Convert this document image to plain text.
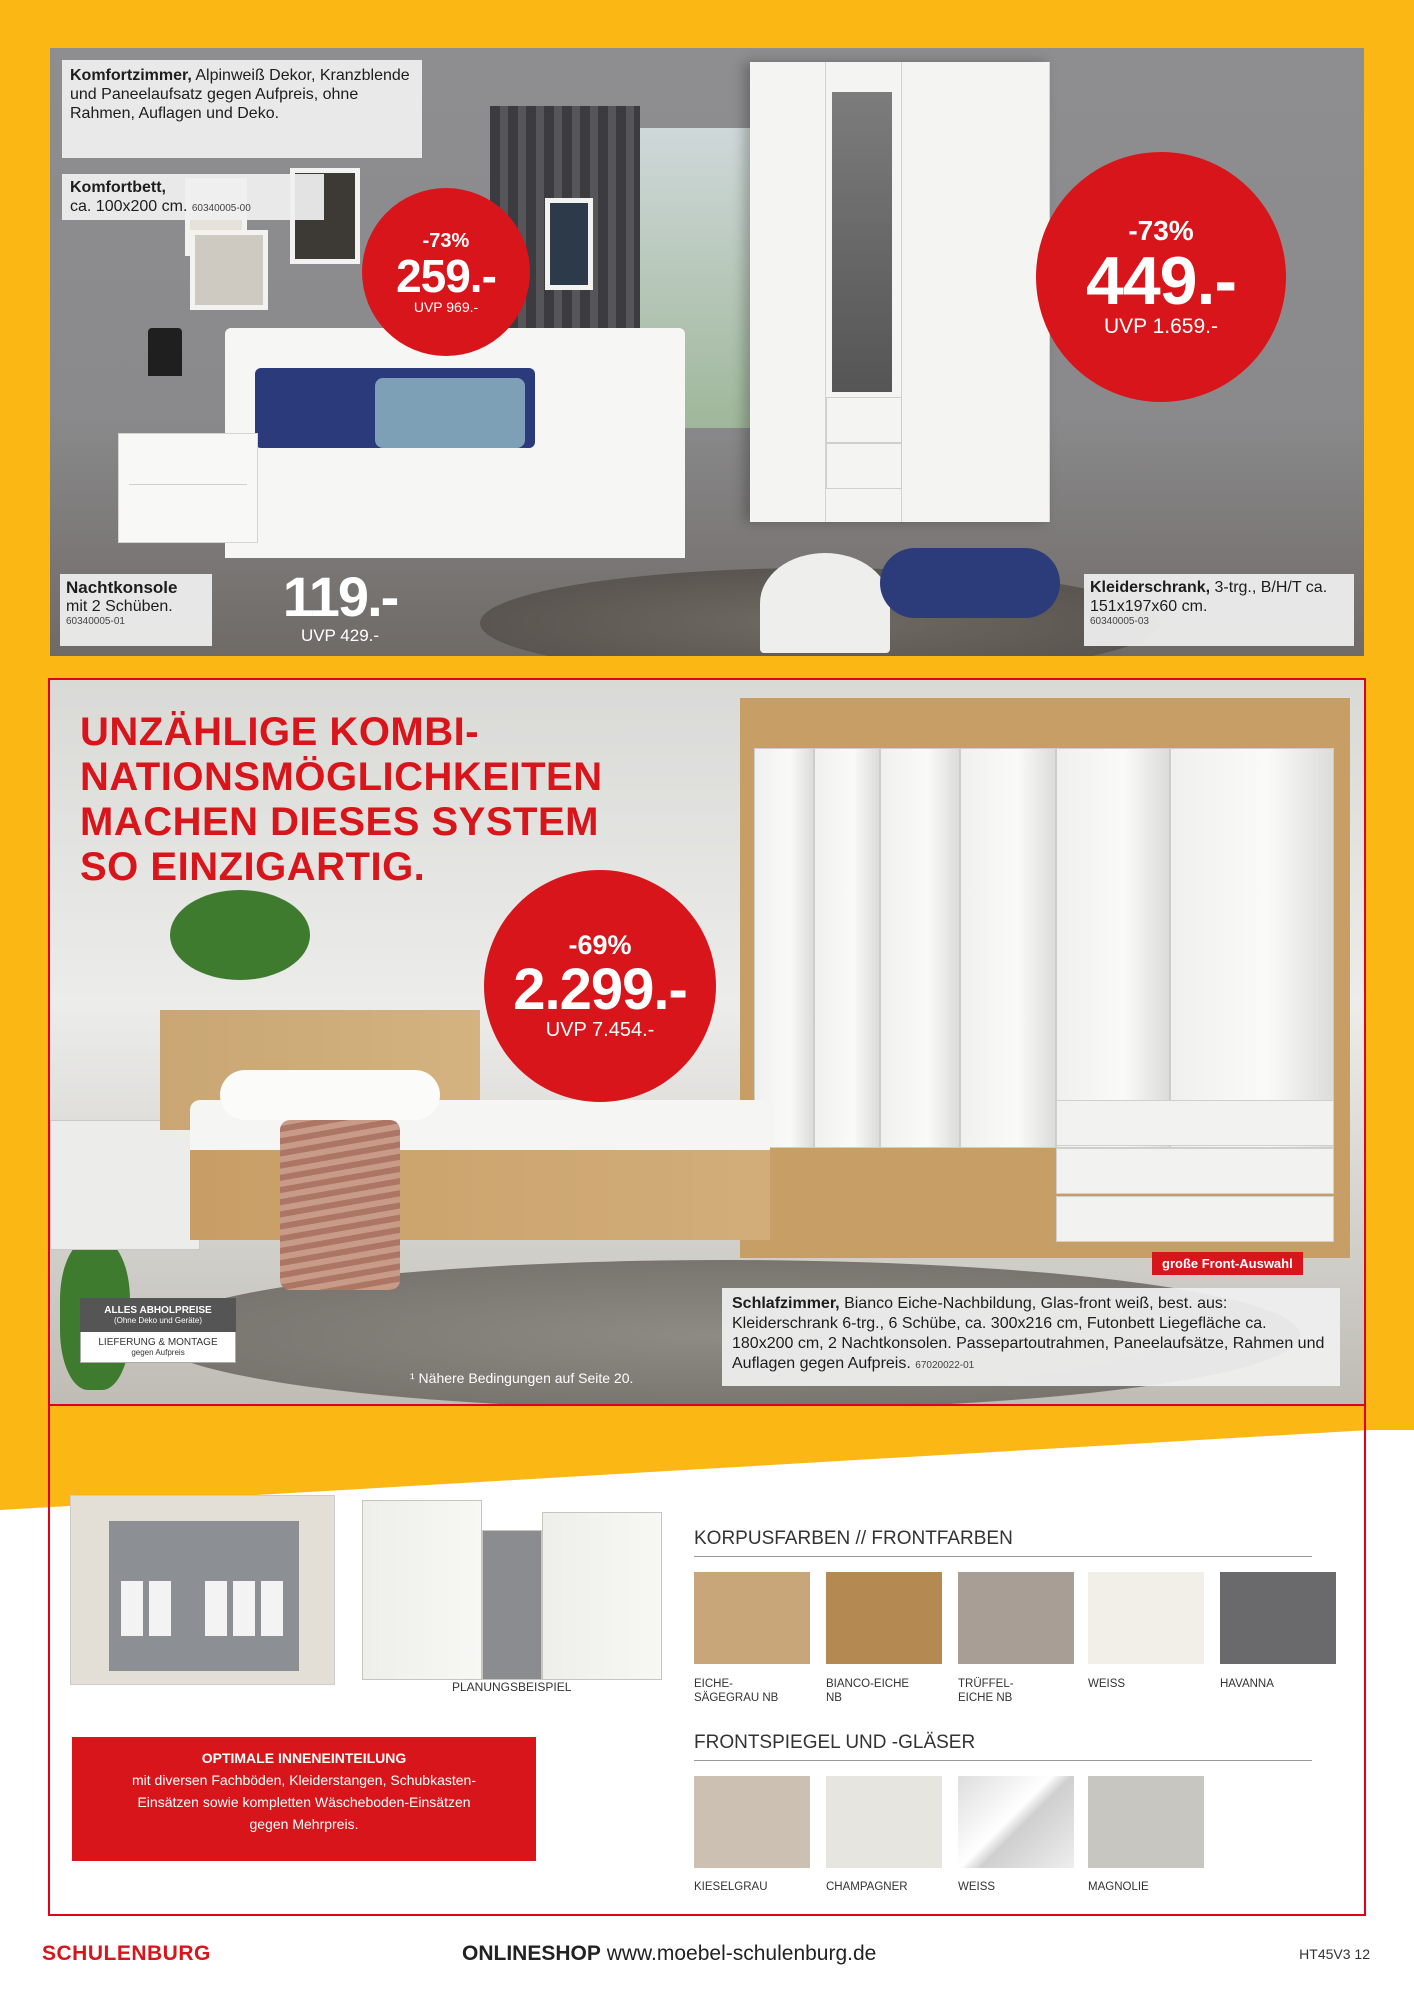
Komfortzimmer, Alpinweiß Dekor, Kranzblende und Paneelaufsatz gegen Aufpreis, ohne Rahmen, Auflagen und Deko.
Komfortbett,
ca. 100x200 cm. 60340005-00
-73%
259.-
UVP 969.-
-73%
449.-
UVP 1.659.-
Nachtkonsole
mit 2 Schüben.
60340005-01	119.-
UVP 429.-
Kleiderschrank, 3-trg., B/H/T ca. 151x197x60 cm.
60340005-03
UNZÄHLIGE KOMBI-
NATIONSMÖGLICHKEITEN
MACHEN DIESES SYSTEM
SO EINZIGARTIG.
-69%
2.299.-
UVP 7.454.-
große Front-Auswahl
Schlafzimmer, Bianco Eiche-Nachbildung, Glas-front weiß, best. aus: Kleiderschrank 6-trg., 6 Schübe, ca. 300x216 cm, Futonbett Liegefläche ca. 180x200 cm, 2 Nachtkonsolen. Passepartoutrahmen, Paneelaufsätze, Rahmen und Auflagen gegen Aufpreis. 67020022-01
ALLES ABHOLPREISE
(Ohne Deko und Geräte)
LIEFERUNG & MONTAGE
gegen Aufpreis
¹ Nähere Bedingungen auf Seite 20.
PLANUNGSBEISPIEL
OPTIMALE INNENEINTEILUNG
mit diversen Fachböden, Kleiderstangen, Schubkasten-
Einsätzen sowie kompletten Wäscheboden-Einsätzen
gegen Mehrpreis.
KORPUSFARBEN // FRONTFARBEN
EICHE-
SÄGEGRAU NB
BIANCO-EICHE
NB
TRÜFFEL-
EICHE NB
WEISS	HAVANNA
FRONTSPIEGEL UND -GLÄSER
KIESELGRAU	CHAMPAGNER	WEISS	MAGNOLIE
SCHULENBURG	ONLINESHOP www.moebel-schulenburg.de	HT45V3 12
